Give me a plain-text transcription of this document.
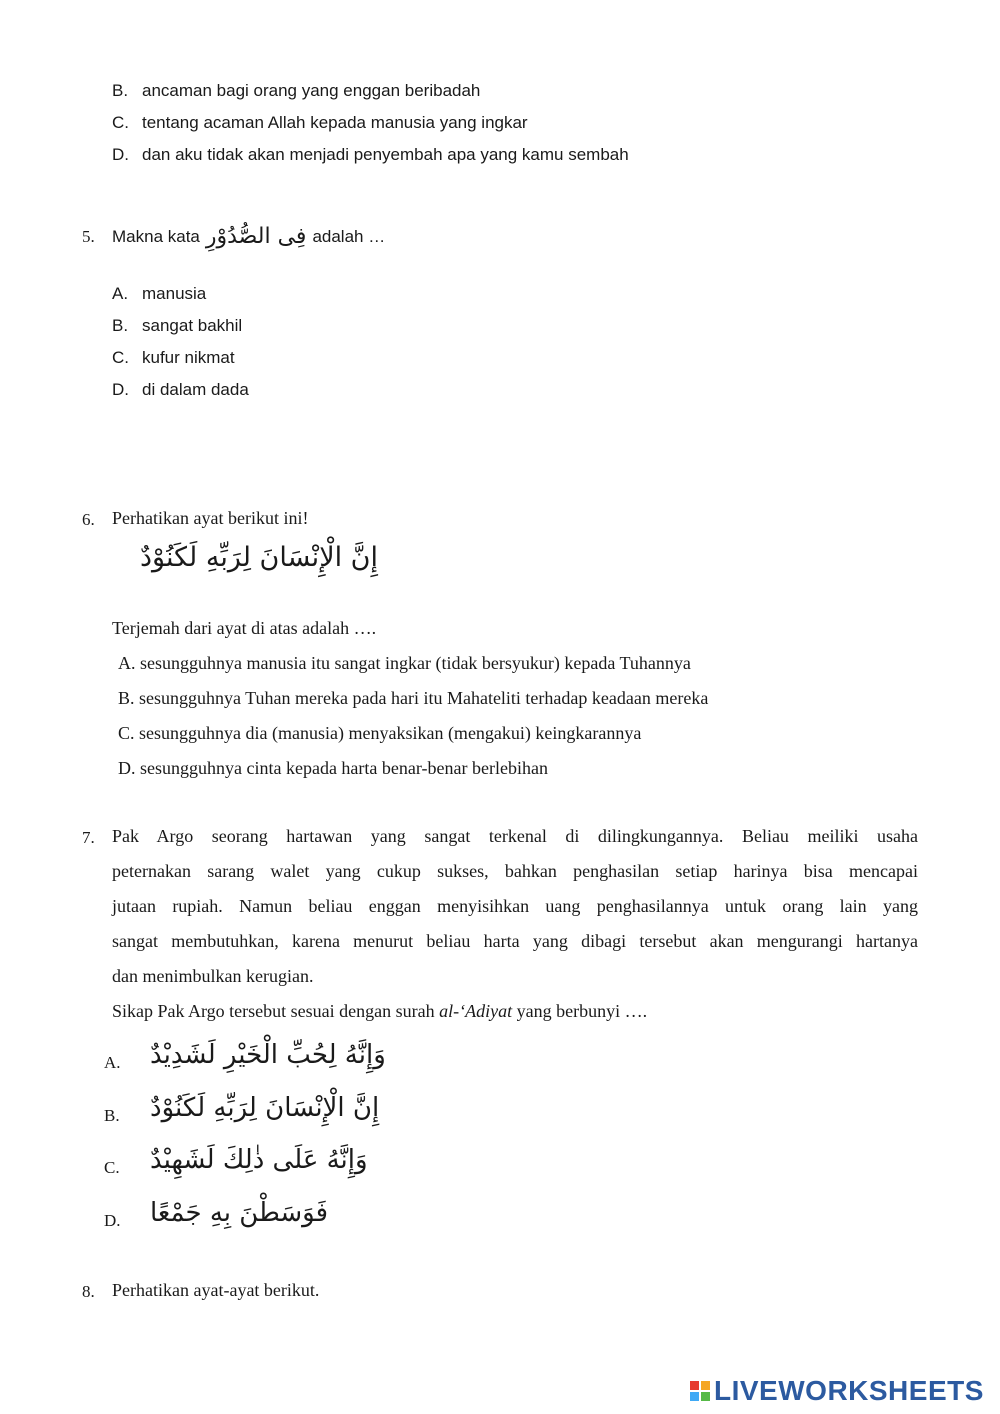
B. ancaman bagi orang yang enggan beribadah
C. tentang acaman Allah kepada manusia yang ingkar
D. dan aku tidak akan menjadi penyembah apa yang kamu sembah
5. Makna kata فِى الصُّدُوْرِ adalah …
A. manusia
B. sangat bakhil
C. kufur nikmat
D. di dalam dada
6. Perhatikan ayat berikut ini!
إِنَّ الْإِنْسَانَ لِرَبِّهِ لَكَنُوْدٌ
Terjemah dari ayat di atas adalah ….
A. sesungguhnya manusia itu sangat ingkar (tidak bersyukur) kepada Tuhannya
B. sesungguhnya Tuhan mereka pada hari itu Mahateliti terhadap keadaan mereka
C. sesungguhnya dia (manusia) menyaksikan (mengakui) keingkarannya
D. sesungguhnya cinta kepada harta benar-benar berlebihan
7. Pak Argo seorang hartawan yang sangat terkenal di dilingkungannya. Beliau meiliki usaha
peternakan sarang walet yang cukup sukses, bahkan penghasilan setiap harinya bisa mencapai
jutaan rupiah. Namun beliau enggan menyisihkan uang penghasilannya untuk orang lain yang
sangat membutuhkan, karena menurut beliau harta yang dibagi tersebut akan mengurangi hartanya
dan menimbulkan kerugian.
Sikap Pak Argo tersebut sesuai dengan surah al-‘Adiyat yang berbunyi ….
A. وَإِنَّهُ لِحُبِّ الْخَيْرِ لَشَدِيْدٌ
B. إِنَّ الْإِنْسَانَ لِرَبِّهِ لَكَنُوْدٌ
C. وَإِنَّهُ عَلَى ذٰلِكَ لَشَهِيْدٌ
D. فَوَسَطْنَ بِهِ جَمْعًا
8. Perhatikan ayat-ayat berikut.
LIVEWORKSHEETS
